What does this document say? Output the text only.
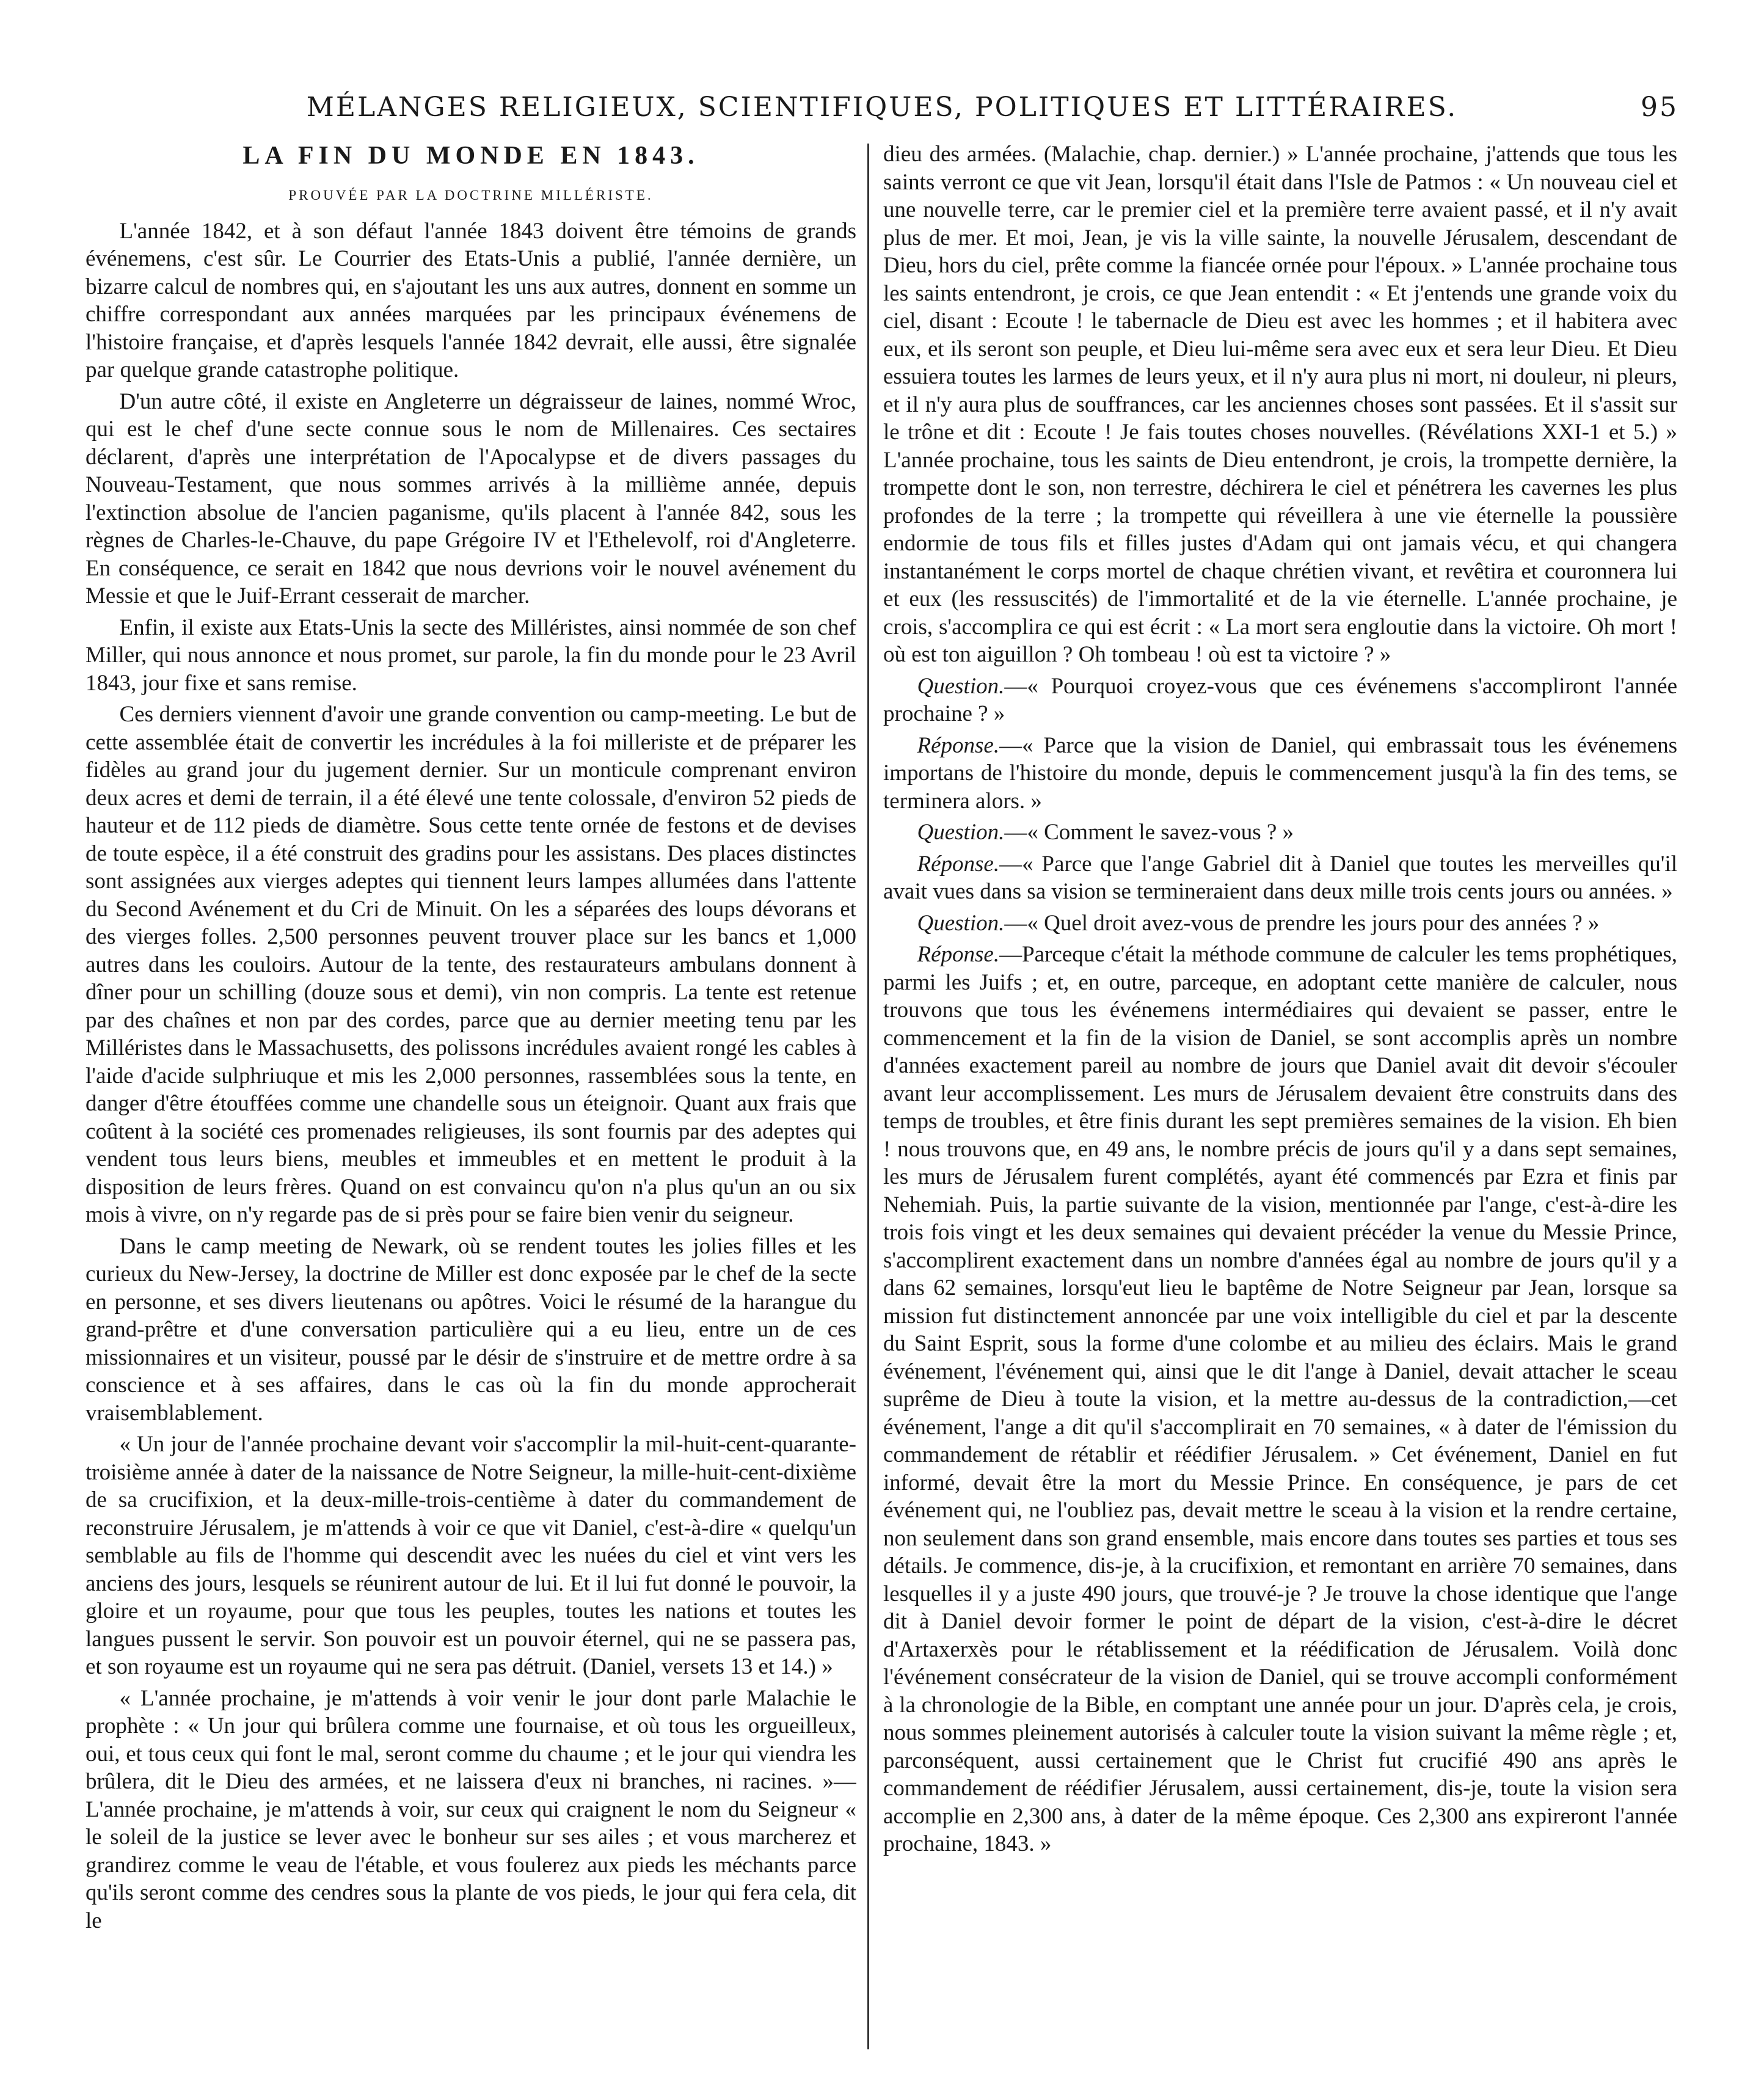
MÉLANGES RELIGIEUX, SCIENTIFIQUES, POLITIQUES ET LITTÉRAIRES.	95
LA FIN DU MONDE EN 1843.
PROUVÉE PAR LA DOCTRINE MILLÉRISTE.

L'année 1842, et à son défaut l'année 1843 doivent être témoins de grands événemens, c'est sûr. Le Courrier des Etats-Unis a publié, l'année dernière, un bizarre calcul de nombres qui, en s'ajoutant les uns aux autres, donnent en somme un chiffre correspondant aux années marquées par les principaux événemens de l'histoire française, et d'après lesquels l'année 1842 devrait, elle aussi, être signalée par quelque grande catastrophe politique.

D'un autre côté, il existe en Angleterre un dégraisseur de laines, nommé Wroc, qui est le chef d'une secte connue sous le nom de Millenaires. Ces sectaires déclarent, d'après une interprétation de l'Apocalypse et de divers passages du Nouveau-Testament, que nous sommes arrivés à la millième année, depuis l'extinction absolue de l'ancien paganisme, qu'ils placent à l'année 842, sous les règnes de Charles-le-Chauve, du pape Grégoire IV et l'Ethelevolf, roi d'Angleterre. En conséquence, ce serait en 1842 que nous devrions voir le nouvel avénement du Messie et que le Juif-Errant cesserait de marcher.

Enfin, il existe aux Etats-Unis la secte des Milléristes, ainsi nommée de son chef Miller, qui nous annonce et nous promet, sur parole, la fin du monde pour le 23 Avril 1843, jour fixe et sans remise.

Ces derniers viennent d'avoir une grande convention ou camp-meeting. Le but de cette assemblée était de convertir les incrédules à la foi milleriste et de préparer les fidèles au grand jour du jugement dernier. Sur un monticule comprenant environ deux acres et demi de terrain, il a été élevé une tente colossale, d'environ 52 pieds de hauteur et de 112 pieds de diamètre. Sous cette tente ornée de festons et de devises de toute espèce, il a été construit des gradins pour les assistans. Des places distinctes sont assignées aux vierges adeptes qui tiennent leurs lampes allumées dans l'attente du Second Avénement et du Cri de Minuit. On les a séparées des loups dévorans et des vierges folles. 2,500 personnes peuvent trouver place sur les bancs et 1,000 autres dans les couloirs. Autour de la tente, des restaurateurs ambulans donnent à dîner pour un schilling (douze sous et demi), vin non compris. La tente est retenue par des chaînes et non par des cordes, parce que au dernier meeting tenu par les Milléristes dans le Massachusetts, des polissons incrédules avaient rongé les cables à l'aide d'acide sulphriuque et mis les 2,000 personnes, rassemblées sous la tente, en danger d'être étouffées comme une chandelle sous un éteignoir. Quant aux frais que coûtent à la société ces promenades religieuses, ils sont fournis par des adeptes qui vendent tous leurs biens, meubles et immeubles et en mettent le produit à la disposition de leurs frères. Quand on est convaincu qu'on n'a plus qu'un an ou six mois à vivre, on n'y regarde pas de si près pour se faire bien venir du seigneur.

Dans le camp meeting de Newark, où se rendent toutes les jolies filles et les curieux du New-Jersey, la doctrine de Miller est donc exposée par le chef de la secte en personne, et ses divers lieutenans ou apôtres. Voici le résumé de la harangue du grand-prêtre et d'une conversation particulière qui a eu lieu, entre un de ces missionnaires et un visiteur, poussé par le désir de s'instruire et de mettre ordre à sa conscience et à ses affaires, dans le cas où la fin du monde approcherait vraisemblablement.

« Un jour de l'année prochaine devant voir s'accomplir la mil-huit-cent-quarante-troisième année à dater de la naissance de Notre Seigneur, la mille-huit-cent-dixième de sa crucifixion, et la deux-mille-trois-centième à dater du commandement de reconstruire Jérusalem, je m'attends à voir ce que vit Daniel, c'est-à-dire « quelqu'un semblable au fils de l'homme qui descendit avec les nuées du ciel et vint vers les anciens des jours, lesquels se réunirent autour de lui. Et il lui fut donné le pouvoir, la gloire et un royaume, pour que tous les peuples, toutes les nations et toutes les langues pussent le servir. Son pouvoir est un pouvoir éternel, qui ne se passera pas, et son royaume est un royaume qui ne sera pas détruit. (Daniel, versets 13 et 14.) »

« L'année prochaine, je m'attends à voir venir le jour dont parle Malachie le prophète : « Un jour qui brûlera comme une fournaise, et où tous les orgueilleux, oui, et tous ceux qui font le mal, seront comme du chaume ; et le jour qui viendra les brûlera, dit le Dieu des armées, et ne laissera d'eux ni branches, ni racines. »—L'année prochaine, je m'attends à voir, sur ceux qui craignent le nom du Seigneur « le soleil de la justice se lever avec le bonheur sur ses ailes ; et vous marcherez et grandirez comme le veau de l'étable, et vous foulerez aux pieds les méchants parce qu'ils seront comme des cendres sous la plante de vos pieds, le jour qui fera cela, dit le

dieu des armées. (Malachie, chap. dernier.) » L'année prochaine, j'attends que tous les saints verront ce que vit Jean, lorsqu'il était dans l'Isle de Patmos : « Un nouveau ciel et une nouvelle terre, car le premier ciel et la première terre avaient passé, et il n'y avait plus de mer. Et moi, Jean, je vis la ville sainte, la nouvelle Jérusalem, descendant de Dieu, hors du ciel, prête comme la fiancée ornée pour l'époux. » L'année prochaine tous les saints entendront, je crois, ce que Jean entendit : « Et j'entends une grande voix du ciel, disant : Ecoute ! le tabernacle de Dieu est avec les hommes ; et il habitera avec eux, et ils seront son peuple, et Dieu lui-même sera avec eux et sera leur Dieu. Et Dieu essuiera toutes les larmes de leurs yeux, et il n'y aura plus ni mort, ni douleur, ni pleurs, et il n'y aura plus de souffrances, car les anciennes choses sont passées. Et il s'assit sur le trône et dit : Ecoute ! Je fais toutes choses nouvelles. (Révélations XXI-1 et 5.) » L'année prochaine, tous les saints de Dieu entendront, je crois, la trompette dernière, la trompette dont le son, non terrestre, déchirera le ciel et pénétrera les cavernes les plus profondes de la terre ; la trompette qui réveillera à une vie éternelle la poussière endormie de tous fils et filles justes d'Adam qui ont jamais vécu, et qui changera instantanément le corps mortel de chaque chrétien vivant, et revêtira et couronnera lui et eux (les ressuscités) de l'immortalité et de la vie éternelle. L'année prochaine, je crois, s'accomplira ce qui est écrit : « La mort sera engloutie dans la victoire. Oh mort ! où est ton aiguillon ? Oh tombeau ! où est ta victoire ? »

Question.—« Pourquoi croyez-vous que ces événemens s'accompliront l'année prochaine ? »
Réponse.—« Parce que la vision de Daniel, qui embrassait tous les événemens importans de l'histoire du monde, depuis le commencement jusqu'à la fin des tems, se terminera alors. »
Question.—« Comment le savez-vous ? »
Réponse.—« Parce que l'ange Gabriel dit à Daniel que toutes les merveilles qu'il avait vues dans sa vision se termineraient dans deux mille trois cents jours ou années. »
Question.—« Quel droit avez-vous de prendre les jours pour des années ? »
Réponse.—Parceque c'était la méthode commune de calculer les tems prophétiques, parmi les Juifs ; et, en outre, parceque, en adoptant cette manière de calculer, nous trouvons que tous les événemens intermédiaires qui devaient se passer, entre le commencement et la fin de la vision de Daniel, se sont accomplis après un nombre d'années exactement pareil au nombre de jours que Daniel avait dit devoir s'écouler avant leur accomplissement. Les murs de Jérusalem devaient être construits dans des temps de troubles, et être finis durant les sept premières semaines de la vision. Eh bien ! nous trouvons que, en 49 ans, le nombre précis de jours qu'il y a dans sept semaines, les murs de Jérusalem furent complétés, ayant été commencés par Ezra et finis par Nehemiah. Puis, la partie suivante de la vision, mentionnée par l'ange, c'est-à-dire les trois fois vingt et les deux semaines qui devaient précéder la venue du Messie Prince, s'accomplirent exactement dans un nombre d'années égal au nombre de jours qu'il y a dans 62 semaines, lorsqu'eut lieu le baptême de Notre Seigneur par Jean, lorsque sa mission fut distinctement annoncée par une voix intelligible du ciel et par la descente du Saint Esprit, sous la forme d'une colombe et au milieu des éclairs. Mais le grand événement, l'événement qui, ainsi que le dit l'ange à Daniel, devait attacher le sceau suprême de Dieu à toute la vision, et la mettre au-dessus de la contradiction,—cet événement, l'ange a dit qu'il s'accomplirait en 70 semaines, « à dater de l'émission du commandement de rétablir et réédifier Jérusalem. » Cet événement, Daniel en fut informé, devait être la mort du Messie Prince. En conséquence, je pars de cet événement qui, ne l'oubliez pas, devait mettre le sceau à la vision et la rendre certaine, non seulement dans son grand ensemble, mais encore dans toutes ses parties et tous ses détails. Je commence, dis-je, à la crucifixion, et remontant en arrière 70 semaines, dans lesquelles il y a juste 490 jours, que trouvé-je ? Je trouve la chose identique que l'ange dit à Daniel devoir former le point de départ de la vision, c'est-à-dire le décret d'Artaxerxès pour le rétablissement et la réédification de Jérusalem. Voilà donc l'événement consécrateur de la vision de Daniel, qui se trouve accompli conformément à la chronologie de la Bible, en comptant une année pour un jour. D'après cela, je crois, nous sommes pleinement autorisés à calculer toute la vision suivant la même règle ; et, parconséquent, aussi certainement que le Christ fut crucifié 490 ans après le commandement de réédifier Jérusalem, aussi certainement, dis-je, toute la vision sera accomplie en 2,300 ans, à dater de la même époque. Ces 2,300 ans expireront l'année prochaine, 1843. »
